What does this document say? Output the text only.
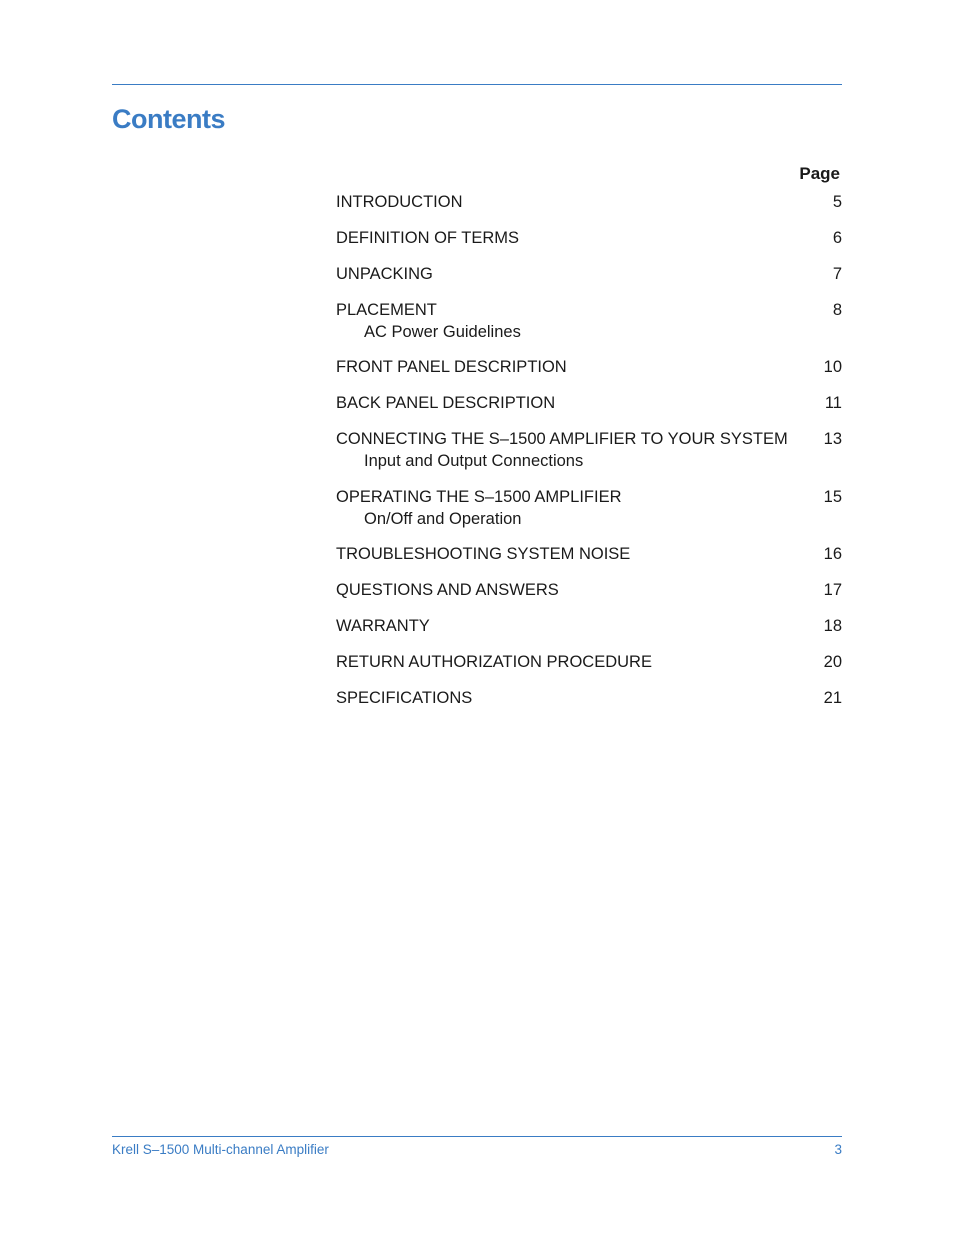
Contents
Page
INTRODUCTION	5
DEFINITION OF TERMS	6
UNPACKING	7
PLACEMENT	8
AC Power Guidelines
FRONT PANEL DESCRIPTION	10
BACK PANEL DESCRIPTION	11
CONNECTING THE S–1500 AMPLIFIER TO YOUR SYSTEM 13
Input and Output Connections
OPERATING THE S–1500 AMPLIFIER	15
On/Off and Operation
TROUBLESHOOTING SYSTEM NOISE	16
QUESTIONS AND ANSWERS	17
WARRANTY	18
RETURN AUTHORIZATION PROCEDURE	20
SPECIFICATIONS	21
Krell S–1500 Multi-channel Amplifier	3
